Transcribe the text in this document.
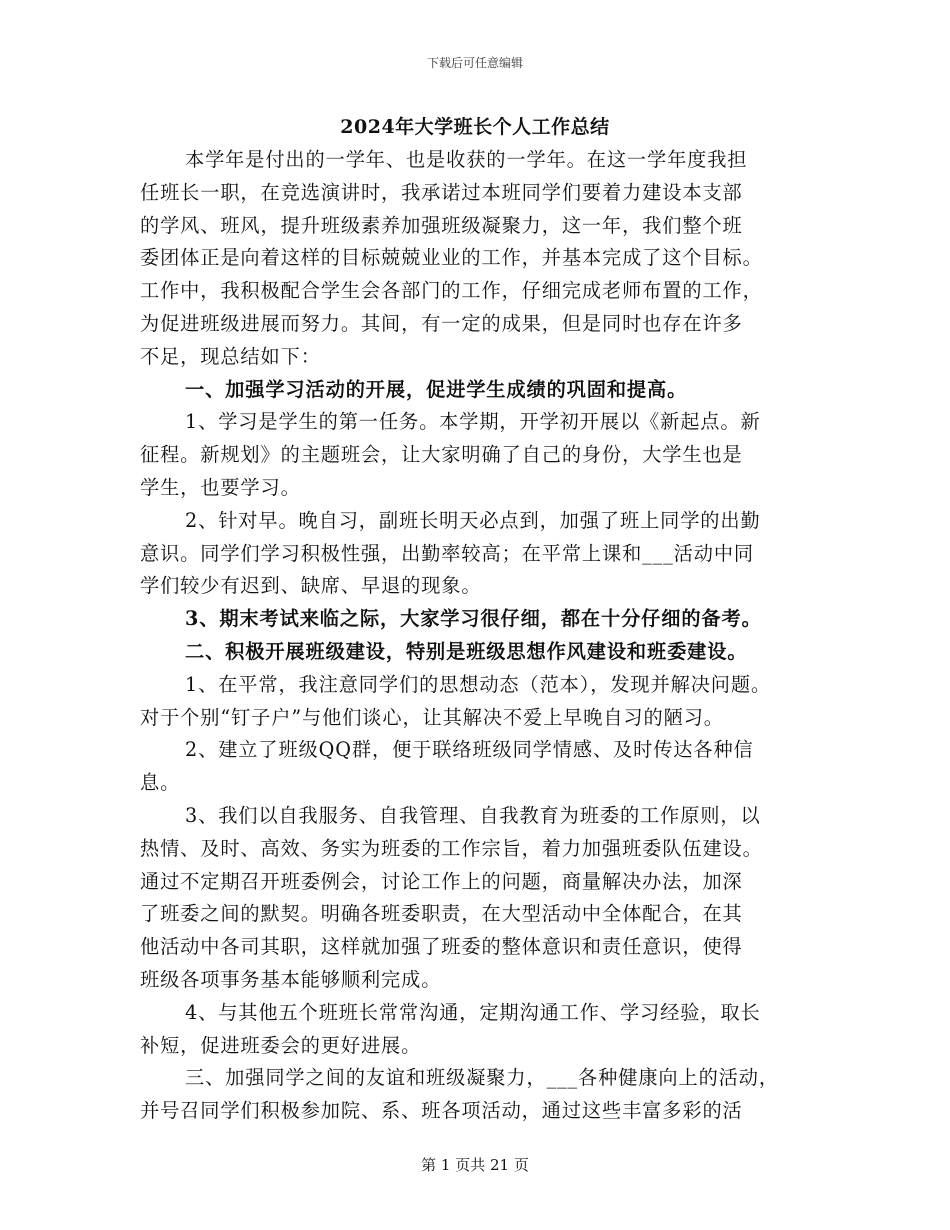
下载后可任意编辑
2024年大学班长个人工作总结
本学年是付出的一学年、也是收获的一学年。在这一学年度我担
任班长一职，在竞选演讲时，我承诺过本班同学们要着力建设本支部
的学风、班风，提升班级素养加强班级凝聚力，这一年，我们整个班
委团体正是向着这样的目标兢兢业业的工作，并基本完成了这个目标。
工作中，我积极配合学生会各部门的工作，仔细完成老师布置的工作，
为促进班级进展而努力。其间，有一定的成果，但是同时也存在许多
不足，现总结如下：
一、加强学习活动的开展，促进学生成绩的巩固和提高。
1、学习是学生的第一任务。本学期，开学初开展以《新起点。新
征程。新规划》的主题班会，让大家明确了自己的身份，大学生也是
学生，也要学习。
2、针对早。晚自习，副班长明天必点到，加强了班上同学的出勤
意识。同学们学习积极性强，出勤率较高；在平常上课和___活动中同
学们较少有迟到、缺席、早退的现象。
3、期末考试来临之际，大家学习很仔细，都在十分仔细的备考。
二、积极开展班级建设，特别是班级思想作风建设和班委建设。
1、在平常，我注意同学们的思想动态（范本），发现并解决问题。
对于个别“钉子户”与他们谈心，让其解决不爱上早晚自习的陋习。
2、建立了班级QQ群，便于联络班级同学情感、及时传达各种信
息。
3、我们以自我服务、自我管理、自我教育为班委的工作原则，以
热情、及时、高效、务实为班委的工作宗旨，着力加强班委队伍建设。
通过不定期召开班委例会，讨论工作上的问题，商量解决办法，加深
了班委之间的默契。明确各班委职责，在大型活动中全体配合，在其
他活动中各司其职，这样就加强了班委的整体意识和责任意识，使得
班级各项事务基本能够顺利完成。
4、与其他五个班班长常常沟通，定期沟通工作、学习经验，取长
补短，促进班委会的更好进展。
三、加强同学之间的友谊和班级凝聚力，___各种健康向上的活动，
并号召同学们积极参加院、系、班各项活动，通过这些丰富多彩的活
第 1 页共 21 页
